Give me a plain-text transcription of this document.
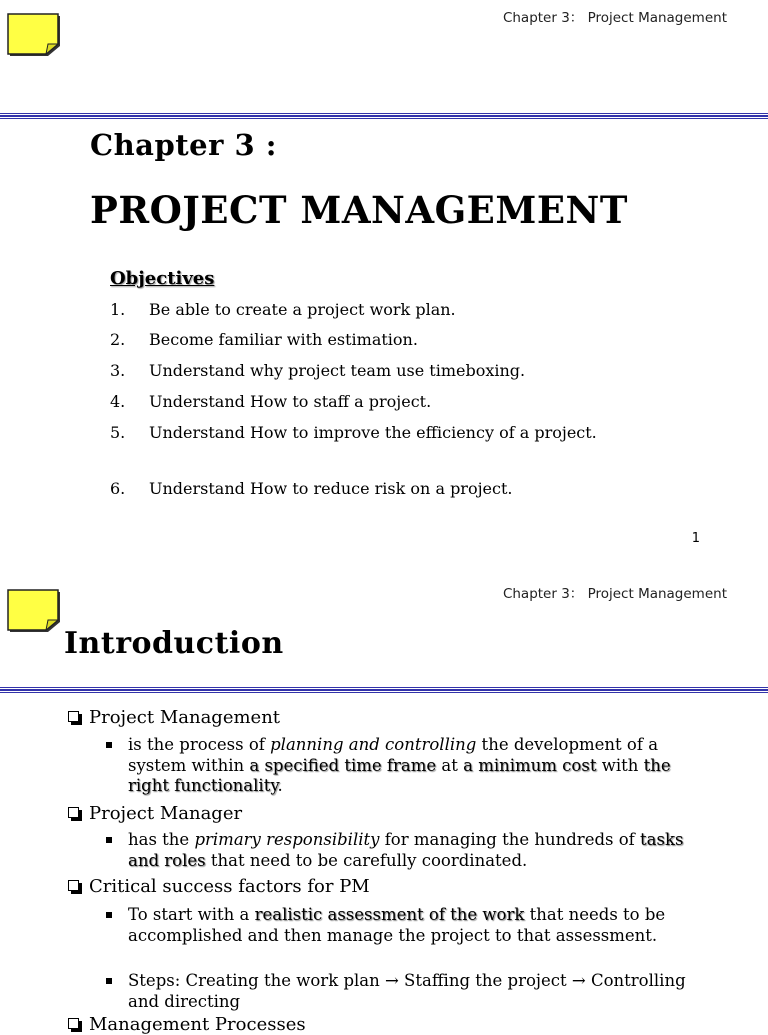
Chapter 3： Project Management
Chapter 3 :
PROJECT MANAGEMENT
Objectives
1. Be able to create a project work plan.
2. Become familiar with estimation.
3. Understand why project team use timeboxing.
4. Understand How to staff a project.
5. Understand How to improve the efficiency of a project.
6. Understand How to reduce risk on a project.
1
Chapter 3： Project Management
Introduction
Project Management
is the process of planning and controlling the development of a system within a specified time frame at a minimum cost with the right functionality.
Project Manager
has the primary responsibility for managing the hundreds of tasks and roles that need to be carefully coordinated.
Critical success factors for PM
To start with a realistic assessment of the work that needs to be accomplished and then manage the project to that assessment.
Steps: Creating the work plan → Staffing the project → Controlling and directing
Management Processes
